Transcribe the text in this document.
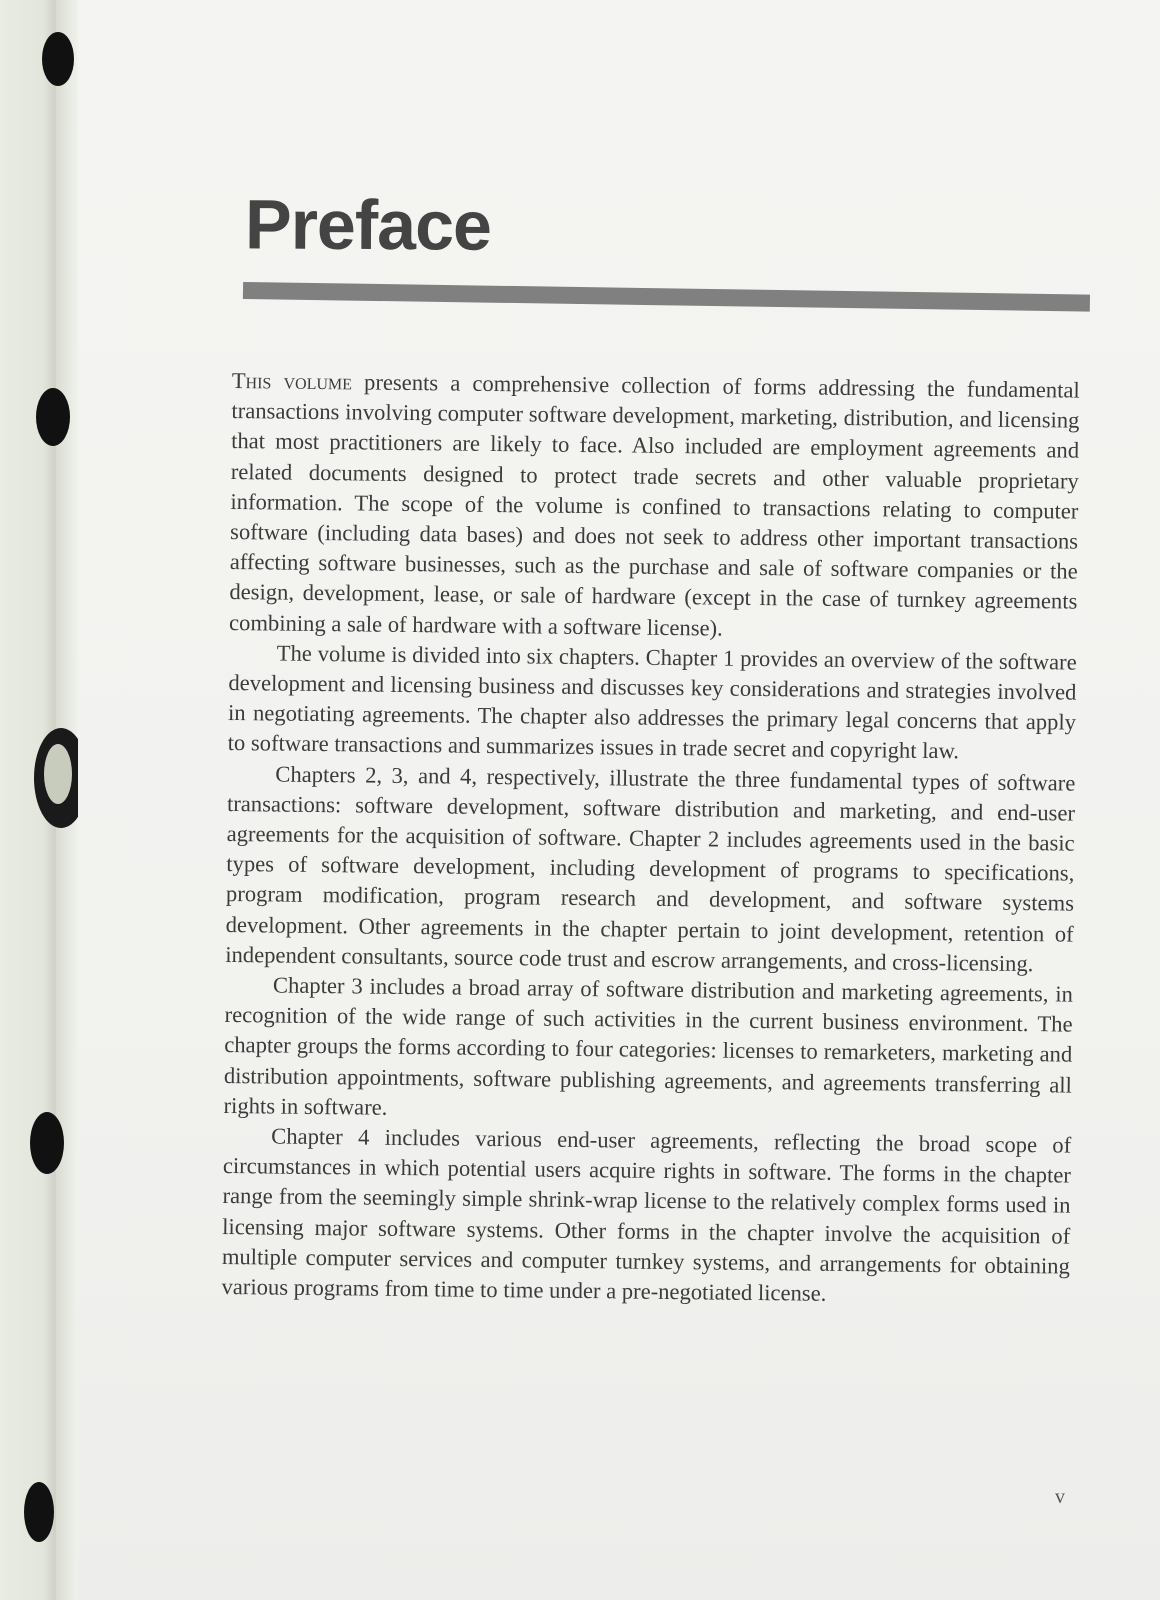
Preface

This volume presents a comprehensive collection of forms addressing the fundamental transactions involving computer software development, marketing, distribution, and licensing that most practitioners are likely to face. Also included are employment agreements and related documents designed to protect trade secrets and other valuable proprietary information. The scope of the volume is confined to transactions relating to computer software (including data bases) and does not seek to address other important transactions affecting software businesses, such as the purchase and sale of software companies or the design, development, lease, or sale of hardware (except in the case of turnkey agreements combining a sale of hardware with a software license).

The volume is divided into six chapters. Chapter 1 provides an overview of the software development and licensing business and discusses key considerations and strategies involved in negotiating agreements. The chapter also addresses the primary legal concerns that apply to software transactions and summarizes issues in trade secret and copyright law.

Chapters 2, 3, and 4, respectively, illustrate the three fundamental types of software transactions: software development, software distribution and marketing, and end-user agreements for the acquisition of software. Chapter 2 includes agreements used in the basic types of software development, including development of programs to specifications, program modification, program research and development, and software systems development. Other agreements in the chapter pertain to joint development, retention of independent consultants, source code trust and escrow arrangements, and cross-licensing.

Chapter 3 includes a broad array of software distribution and marketing agreements, in recognition of the wide range of such activities in the current business environment. The chapter groups the forms according to four categories: licenses to remarketers, marketing and distribution appointments, software publishing agreements, and agreements transferring all rights in software.

Chapter 4 includes various end-user agreements, reflecting the broad scope of circumstances in which potential users acquire rights in software. The forms in the chapter range from the seemingly simple shrink-wrap license to the relatively complex forms used in licensing major software systems. Other forms in the chapter involve the acquisition of multiple computer services and computer turnkey systems, and arrangements for obtaining various programs from time to time under a pre-negotiated license.

v
